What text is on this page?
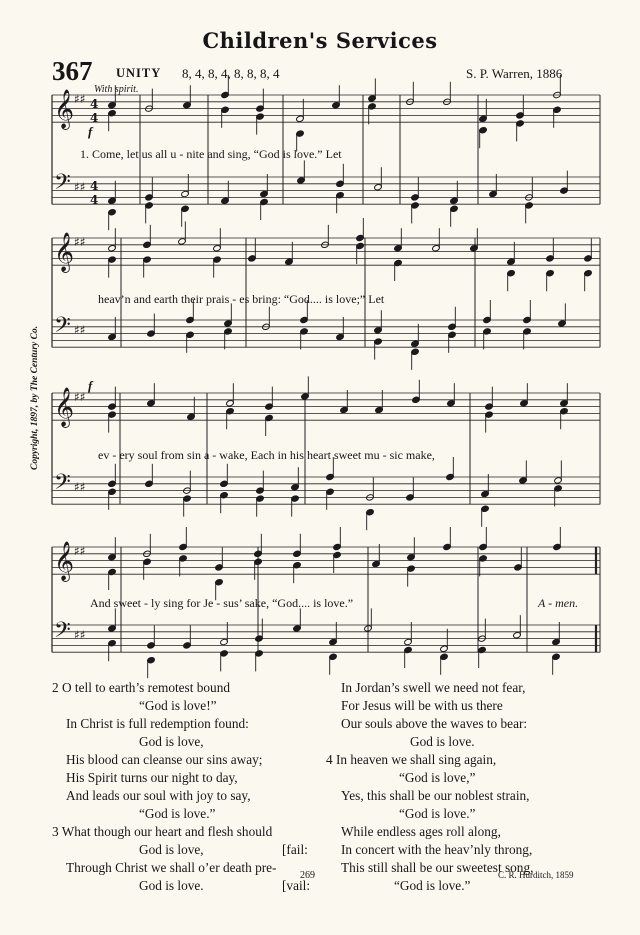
Children's Services
367 UNITY 8, 4, 8, 4, 8, 8, 8, 4	S. P. Warren, 1886
With spirit.
Copyright, 1897, by The Century Co.
𝄞 ♯♯ 4
4
𝄢 ♯♯ 4
4
𝄞 ♯♯
𝄢 ♯♯
𝄞 ♯♯
𝄢 ♯♯
𝄞 ♯♯
𝄢 ♯♯
f
f
1. Come, let us all u - nite and sing, “God is love.” Let
heav’n and earth their prais - es bring: “God.... is love;” Let
ev - ery soul from sin a - wake, Each in his heart sweet mu - sic make,
And sweet - ly sing for Je - sus’ sake, “God.... is love.”	A - men.
2 O tell to earth’s remotest bound
“God is love!”
In Christ is full redemption found:
God is love,
His blood can cleanse our sins away;
His Spirit turns our night to day,
And leads our soul with joy to say,
“God is love.”
3 What though our heart and flesh should
God is love,	[fail:
Through Christ we shall o’er death pre-
God is love.	[vail:
In Jordan’s swell we need not fear,
For Jesus will be with us there
Our souls above the waves to bear:
God is love.
4 In heaven we shall sing again,
“God is love,”
Yes, this shall be our noblest strain,
“God is love.”
While endless ages roll along,
In concert with the heav’nly throng,
This still shall be our sweetest song,
“God is love.”
269	C. R. Hurditch, 1859
